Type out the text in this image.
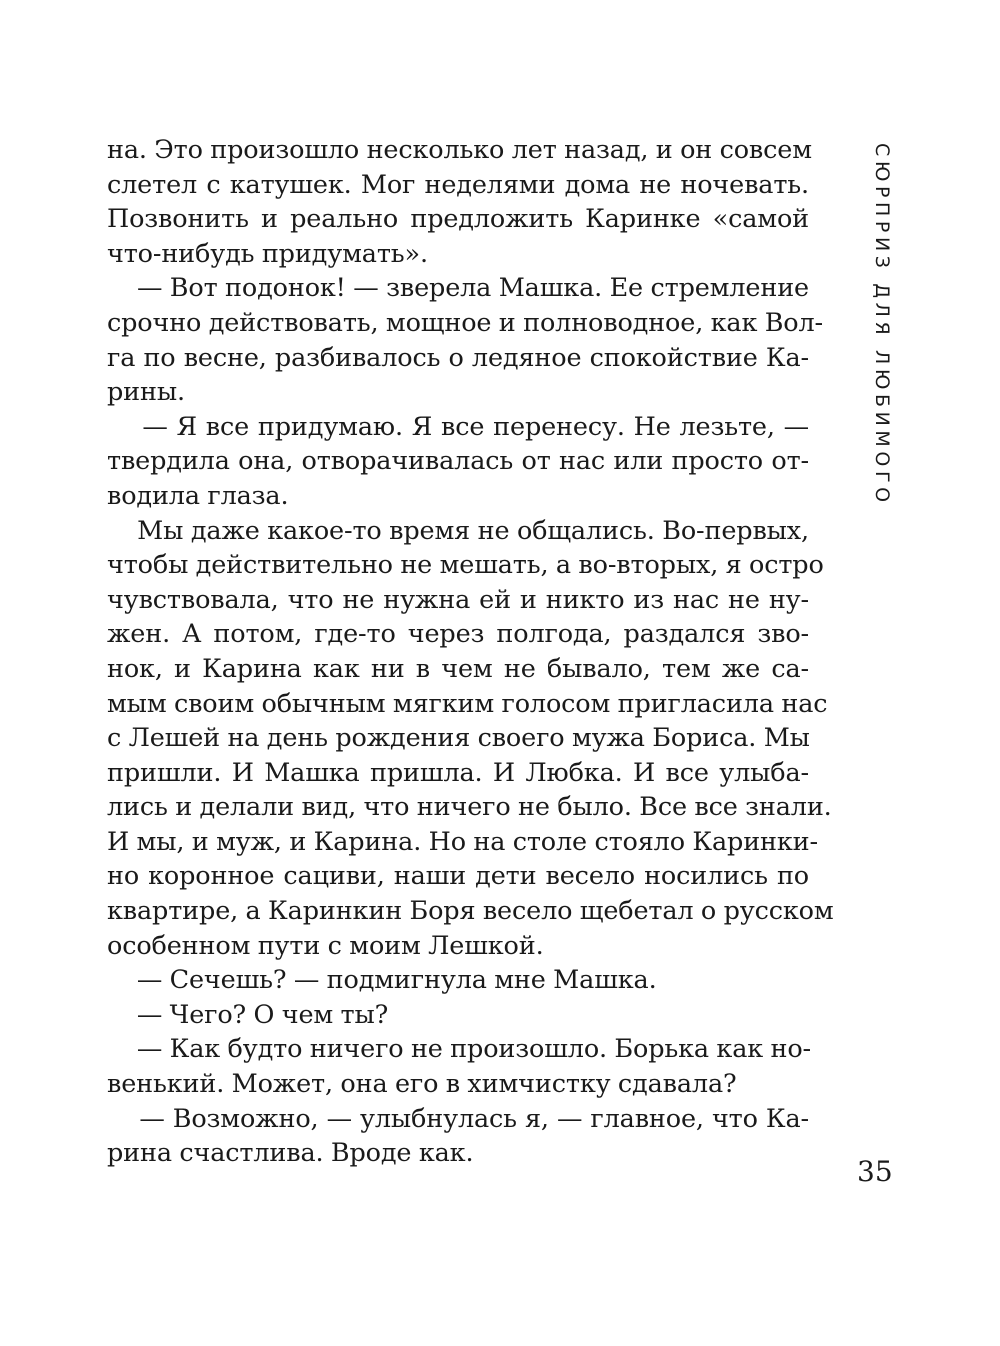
СЮРПРИЗ ДЛЯ ЛЮБИМОГО
на. Это произошло несколько лет назад, и он совсем
слетел с катушек. Мог неделями дома не ночевать.
Позвонить и реально предложить Каринке «самой
что-нибудь придумать».
— Вот подонок! — зверела Машка. Ее стремление
срочно действовать, мощное и полноводное, как Вол-
га по весне, разбивалось о ледяное спокойствие Ка-
рины.
— Я все придумаю. Я все перенесу. Не лезьте, —
твердила она, отворачивалась от нас или просто от-
водила глаза.
Мы даже какое-то время не общались. Во-первых,
чтобы действительно не мешать, а во-вторых, я остро
чувствовала, что не нужна ей и никто из нас не ну-
жен. А потом, где-то через полгода, раздался зво-
нок, и Карина как ни в чем не бывало, тем же са-
мым своим обычным мягким голосом пригласила нас
с Лешей на день рождения своего мужа Бориса. Мы
пришли. И Машка пришла. И Любка. И все улыба-
лись и делали вид, что ничего не было. Все все знали.
И мы, и муж, и Карина. Но на столе стояло Каринки-
но коронное сациви, наши дети весело носились по
квартире, а Каринкин Боря весело щебетал о русском
особенном пути с моим Лешкой.
— Сечешь? — подмигнула мне Машка.
— Чего? О чем ты?
— Как будто ничего не произошло. Борька как но-
венький. Может, она его в химчистку сдавала?
— Возможно, — улыбнулась я, — главное, что Ка-
рина счастлива. Вроде как.
35
